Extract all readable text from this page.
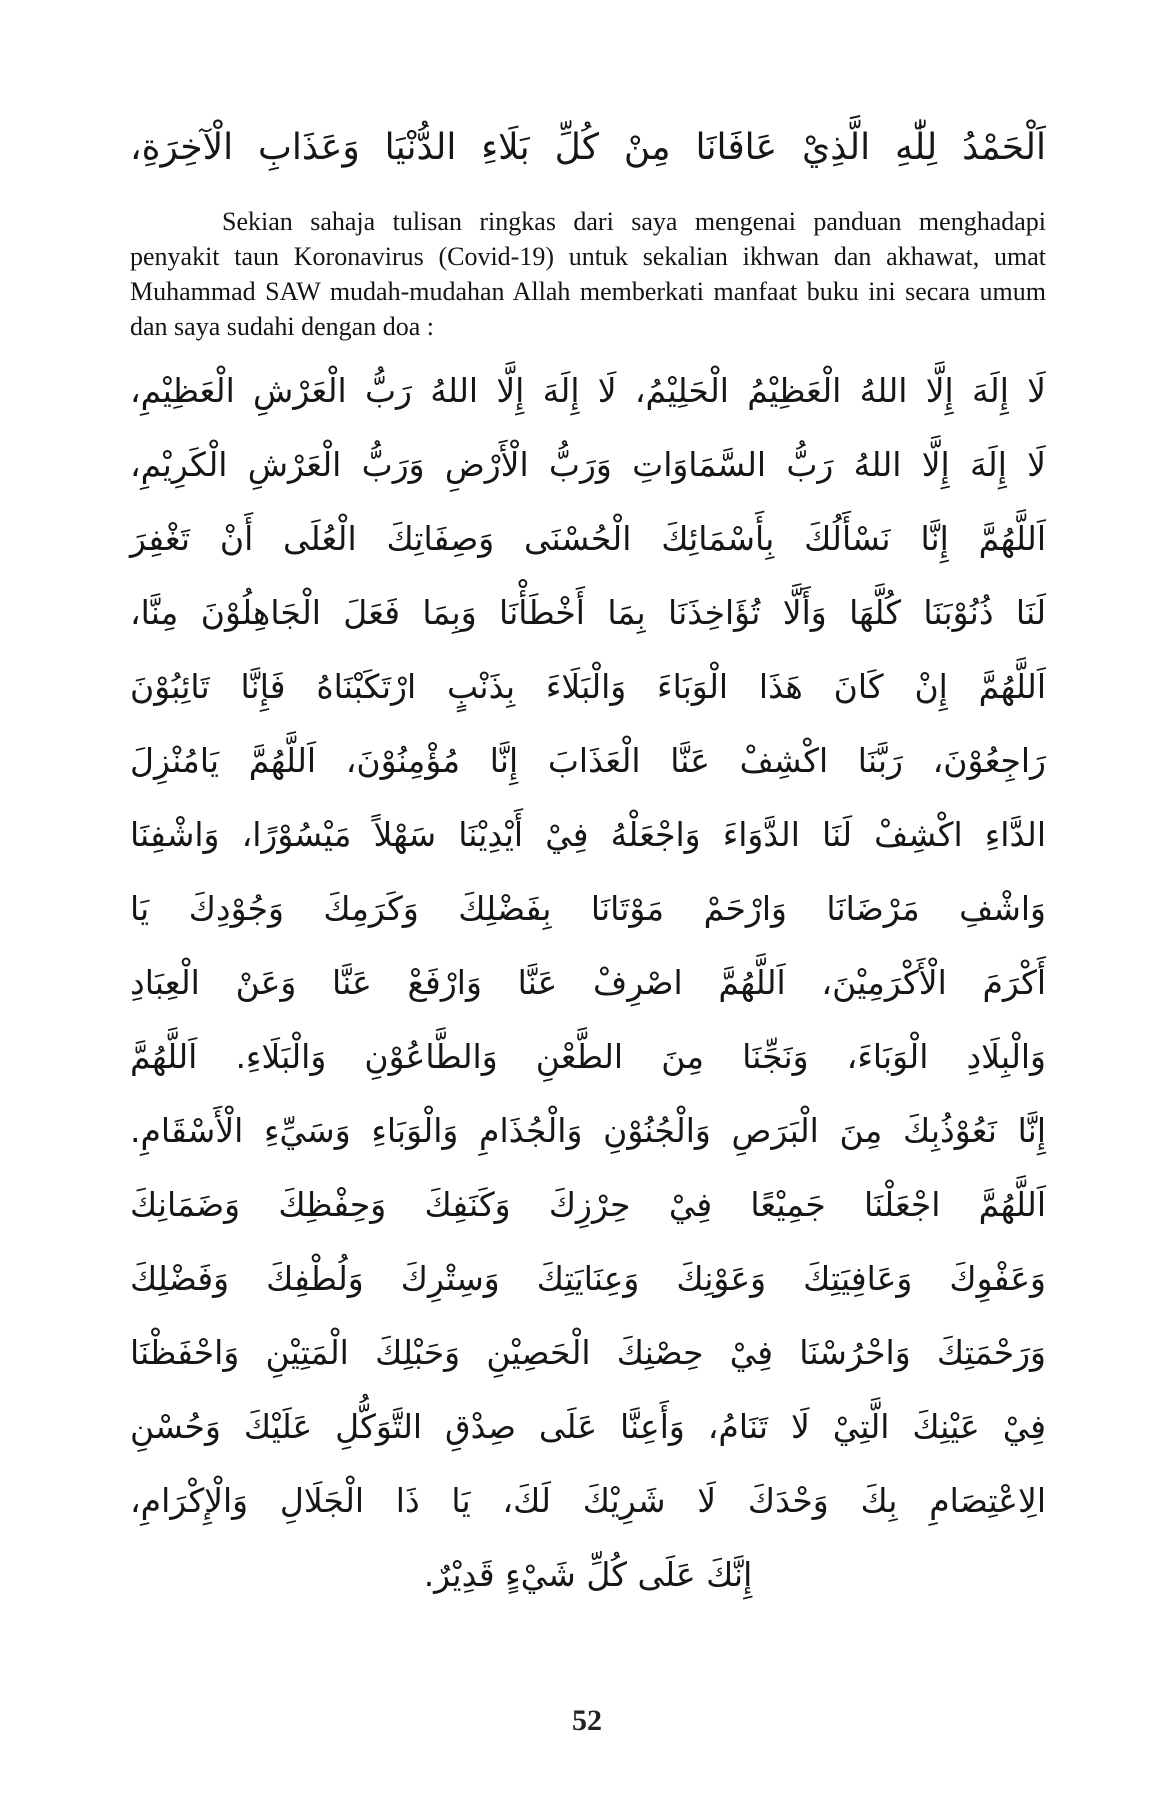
اَلْحَمْدُ لِلّٰهِ الَّذِيْ عَافَانَا مِنْ كُلِّ بَلَاءِ الدُّنْيَا وَعَذَابِ الْآخِرَةِ،

Sekian sahaja tulisan ringkas dari saya mengenai panduan menghadapi penyakit taun Koronavirus (Covid-19) untuk sekalian ikhwan dan akhawat, umat Muhammad SAW mudah-mudahan Allah memberkati manfaat buku ini secara umum dan saya sudahi dengan doa :

لَا إِلَهَ إِلَّا اللهُ الْعَظِيْمُ الْحَلِيْمُ، لَا إِلَهَ إِلَّا اللهُ رَبُّ الْعَرْشِ الْعَظِيْمِ،
لَا إِلَهَ إِلَّا اللهُ رَبُّ السَّمَاوَاتِ وَرَبُّ الْأَرْضِ وَرَبُّ الْعَرْشِ الْكَرِيْمِ،
اَللَّهُمَّ إِنَّا نَسْأَلُكَ بِأَسْمَائِكَ الْحُسْنَى وَصِفَاتِكَ الْعُلَى أَنْ تَغْفِرَ
لَنَا ذُنُوْبَنَا كُلَّهَا وَأَلَّا تُؤَاخِذَنَا بِمَا أَخْطَأْنَا وَبِمَا فَعَلَ الْجَاهِلُوْنَ مِنَّا،
اَللَّهُمَّ إِنْ كَانَ هَذَا الْوَبَاءَ وَالْبَلَاءَ بِذَنْبٍ ارْتَكَبْنَاهُ فَإِنَّا تَائِبُوْنَ
رَاجِعُوْنَ، رَبَّنَا اكْشِفْ عَنَّا الْعَذَابَ إِنَّا مُؤْمِنُوْنَ، اَللَّهُمَّ يَامُنْزِلَ
الدَّاءِ اكْشِفْ لَنَا الدَّوَاءَ وَاجْعَلْهُ فِيْ أَيْدِيْنَا سَهْلاً مَيْسُوْرًا، وَاشْفِنَا
وَاشْفِ مَرْضَانَا وَارْحَمْ مَوْتَانَا بِفَضْلِكَ وَكَرَمِكَ وَجُوْدِكَ يَا
أَكْرَمَ الْأَكْرَمِيْنَ، اَللَّهُمَّ اصْرِفْ عَنَّا وَارْفَعْ عَنَّا وَعَنْ الْعِبَادِ
وَالْبِلَادِ الْوَبَاءَ، وَنَجِّنَا مِنَ الطَّعْنِ وَالطَّاعُوْنِ وَالْبَلَاءِ. اَللَّهُمَّ
إِنَّا نَعُوْذُبِكَ مِنَ الْبَرَصِ وَالْجُنُوْنِ وَالْجُذَامِ وَالْوَبَاءِ وَسَيِّءِ الْأَسْقَامِ.
اَللَّهُمَّ اجْعَلْنَا جَمِيْعًا فِيْ حِرْزِكَ وَكَنَفِكَ وَحِفْظِكَ وَضَمَانِكَ
وَعَفْوِكَ وَعَافِيَتِكَ وَعَوْنِكَ وَعِنَايَتِكَ وَسِتْرِكَ وَلُطْفِكَ وَفَضْلِكَ
وَرَحْمَتِكَ وَاحْرُسْنَا فِيْ حِصْنِكَ الْحَصِيْنِ وَحَبْلِكَ الْمَتِيْنِ وَاحْفَظْنَا
فِيْ عَيْنِكَ الَّتِيْ لَا تَنَامُ، وَأَعِنَّا عَلَى صِدْقِ التَّوَكُّلِ عَلَيْكَ وَحُسْنِ
الِاعْتِصَامِ بِكَ وَحْدَكَ لَا شَرِيْكَ لَكَ، يَا ذَا الْجَلَالِ وَالْإِكْرَامِ،
إِنَّكَ عَلَى كُلِّ شَيْءٍ قَدِيْرٌ.
52
